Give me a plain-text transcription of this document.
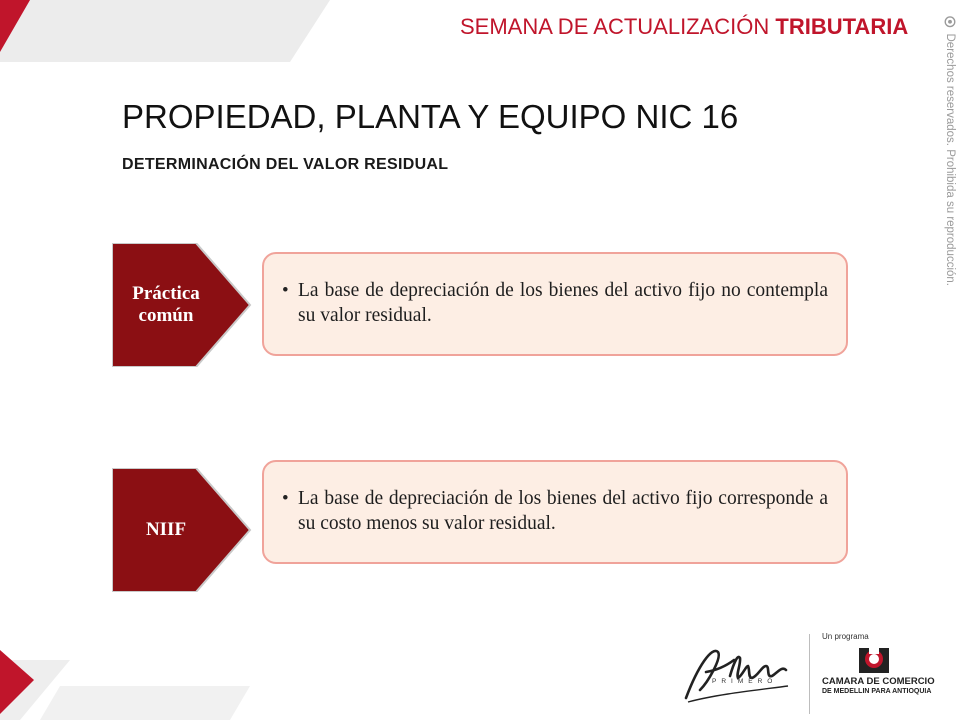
SEMANA DE ACTUALIZACIÓN TRIBUTARIA
Derechos reservados. Prohibida su reproducción.
PROPIEDAD, PLANTA Y EQUIPO NIC 16
DETERMINACIÓN DEL VALOR RESIDUAL
Práctica
común
• La base de depreciación de los bienes del activo fijo no contempla su valor residual.
NIIF
• La base de depreciación de los bienes del activo fijo corresponde a su costo menos su valor residual.
PRIMERO
Un programa
CAMARA DE COMERCIO
DE MEDELLIN PARA ANTIOQUIA
